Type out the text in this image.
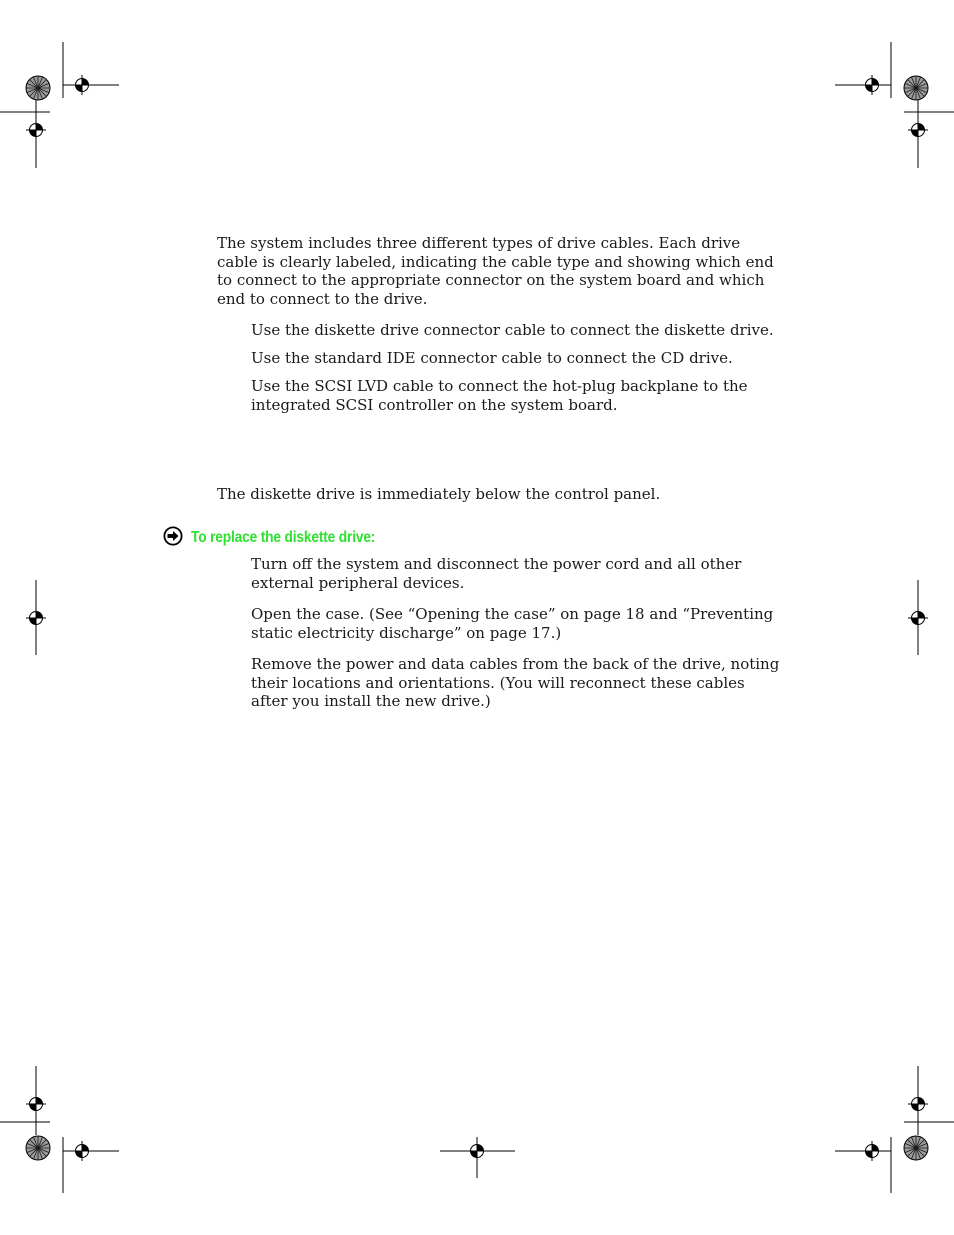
The system includes three different types of drive cables. Each drive cable is clearly labeled, indicating the cable type and showing which end to connect to the appropriate connector on the system board and which end to connect to the drive.

Use the diskette drive connector cable to connect the diskette drive.

Use the standard IDE connector cable to connect the CD drive.

Use the SCSI LVD cable to connect the hot-plug backplane to the integrated SCSI controller on the system board.

The diskette drive is immediately below the control panel.

To replace the diskette drive:

Turn off the system and disconnect the power cord and all other external peripheral devices.

Open the case. (See “Opening the case” on page 18 and “Preventing static electricity discharge” on page 17.)

Remove the power and data cables from the back of the drive, noting their locations and orientations. (You will reconnect these cables after you install the new drive.)
